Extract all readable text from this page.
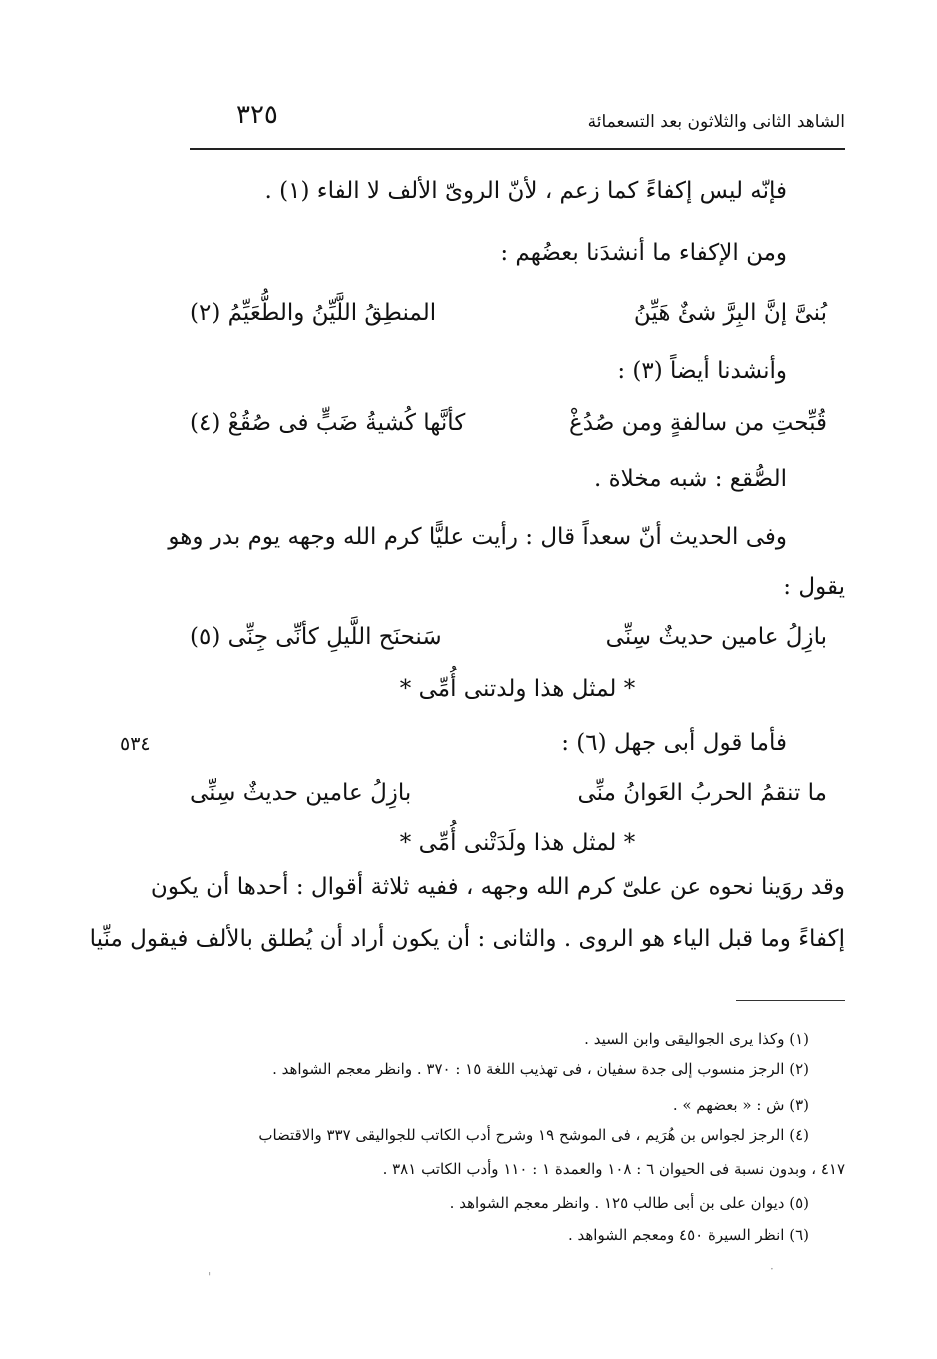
٣٢٥	الشاهد الثانى والثلاثون بعد التسعمائة
٥٣٤
فإنّه ليس إكفاءً كما زعم ، لأنّ الروىّ الألف لا الفاء (١) .
ومن الإكفاء ما أنشدَنا بعضُهم :
بُنىَّ إنَّ البِرَّ شئٌ هَيِّنُ
المنطِقُ اللَّيِّنُ والطُّعَيِّمُ (٢)
وأنشدنا أيضاً (٣) :
قُبِّحتِ من سالفةٍ ومن صُدُغْ
كأنَّها كُشيةُ ضَبٍّ فى صُقُعْ (٤)
الصُّقع : شبه مخلاة .
وفى الحديث أنّ سعداً قال : رأيت عليًّا كرم الله وجهه يوم بدر وهو
يقول :
بازِلُ عامين حديثٌ سِنِّى
سَنحنَح اللَّيلِ كأنِّى جِنِّى (٥)
* لمثل هذا ولدتنى أُمِّى *
فأما قول أبى جهل (٦) :
ما تنقمُ الحربُ العَوانُ منِّى
بازِلُ عامين حديثٌ سِنِّى
* لمثل هذا ولَدَتْنى أُمِّى *
وقد روَينا نحوه عن علىّ كرم الله وجهه ، ففيه ثلاثة أقوال : أحدها أن يكون
إكفاءً وما قبل الياء هو الروى . والثانى : أن يكون أراد أن يُطلق بالألف فيقول منِّيا
(١) وكذا يرى الجواليقى وابن السيد .
(٢) الرجز منسوب إلى جدة سفيان ، فى تهذيب اللغة ١٥ : ٣٧٠ . وانظر معجم الشواهد .
(٣) ش : « بعضهم » .
(٤) الرجز لجواس بن هُرَيم ، فى الموشح ١٩ وشرح أدب الكاتب للجواليقى ٣٣٧ والاقتضاب
٤١٧ ، وبدون نسبة فى الحيوان ٦ : ١٠٨ والعمدة ١ : ١١٠ وأدب الكاتب ٣٨١ .
(٥) ديوان على بن أبى طالب ١٢٥ . وانظر معجم الشواهد .
(٦) انظر السيرة ٤٥٠ ومعجم الشواهد .
'
·
